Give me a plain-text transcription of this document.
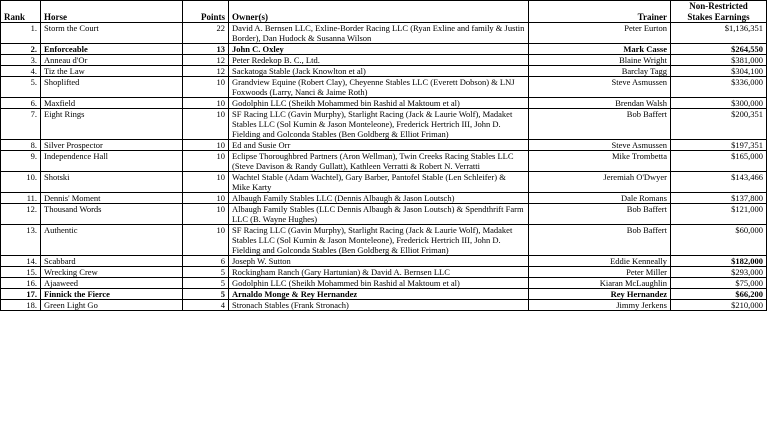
Rank	Horse	Points	Owner(s)	Trainer	Non-Restricted
Stakes Earnings
1.	Storm the Court	22	David A. Bernsen LLC, Exline-Border Racing LLC (Ryan Exline and family & Justin Border), Dan Hudock & Susanna Wilson	Peter Eurton	$1,136,351
2.	Enforceable	13	John C. Oxley	Mark Casse	$264,550
3.	Anneau d'Or	12	Peter Redekop B. C., Ltd.	Blaine Wright	$381,000
4.	Tiz the Law	12	Sackatoga Stable (Jack Knowlton et al)	Barclay Tagg	$304,100
5.	Shoplifted	10	Grandview Equine (Robert Clay), Cheyenne Stables LLC (Everett Dobson) & LNJ Foxwoods (Larry, Nanci & Jaime Roth)	Steve Asmussen	$336,000
6.	Maxfield	10	Godolphin LLC (Sheikh Mohammed bin Rashid al Maktoum et al)	Brendan Walsh	$300,000
7.	Eight Rings	10	SF Racing LLC (Gavin Murphy), Starlight Racing (Jack & Laurie Wolf), Madaket Stables LLC (Sol Kumin & Jason Monteleone), Frederick Hertrich III, John D. Fielding and Golconda Stables (Ben Goldberg & Elliot Friman)	Bob Baffert	$200,351
8.	Silver Prospector	10	Ed and Susie Orr	Steve Asmussen	$197,351
9.	Independence Hall	10	Eclipse Thoroughbred Partners (Aron Wellman), Twin Creeks Racing Stables LLC (Steve Davison & Randy Gullatt), Kathleen Verratti & Robert N. Verratti	Mike Trombetta	$165,000
10.	Shotski	10	Wachtel Stable (Adam Wachtel), Gary Barber, Pantofel Stable (Len Schleifer) & Mike Karty	Jeremiah O'Dwyer	$143,466
11.	Dennis' Moment	10	Albaugh Family Stables LLC (Dennis Albaugh & Jason Loutsch)	Dale Romans	$137,800
12.	Thousand Words	10	Albaugh Family Stables (LLC Dennis Albaugh & Jason Loutsch) & Spendthrift Farm LLC (B. Wayne Hughes)	Bob Baffert	$121,000
13.	Authentic	10	SF Racing LLC (Gavin Murphy), Starlight Racing (Jack & Laurie Wolf), Madaket Stables LLC (Sol Kumin & Jason Monteleone), Frederick Hertrich III, John D. Fielding and Golconda Stables (Ben Goldberg & Elliot Friman)	Bob Baffert	$60,000
14.	Scabbard	6	Joseph W. Sutton	Eddie Kenneally	$182,000
15.	Wrecking Crew	5	Rockingham Ranch (Gary Hartunian) & David A. Bernsen LLC	Peter Miller	$293,000
16.	Ajaaweed	5	Godolphin LLC (Sheikh Mohammed bin Rashid al Maktoum et al)	Kiaran McLaughlin	$75,000
17.	Finnick the Fierce	5	Arnaldo Monge & Rey Hernandez	Rey Hernandez	$66,200
18.	Green Light Go	4	Stronach Stables (Frank Stronach)	Jimmy Jerkens	$210,000
